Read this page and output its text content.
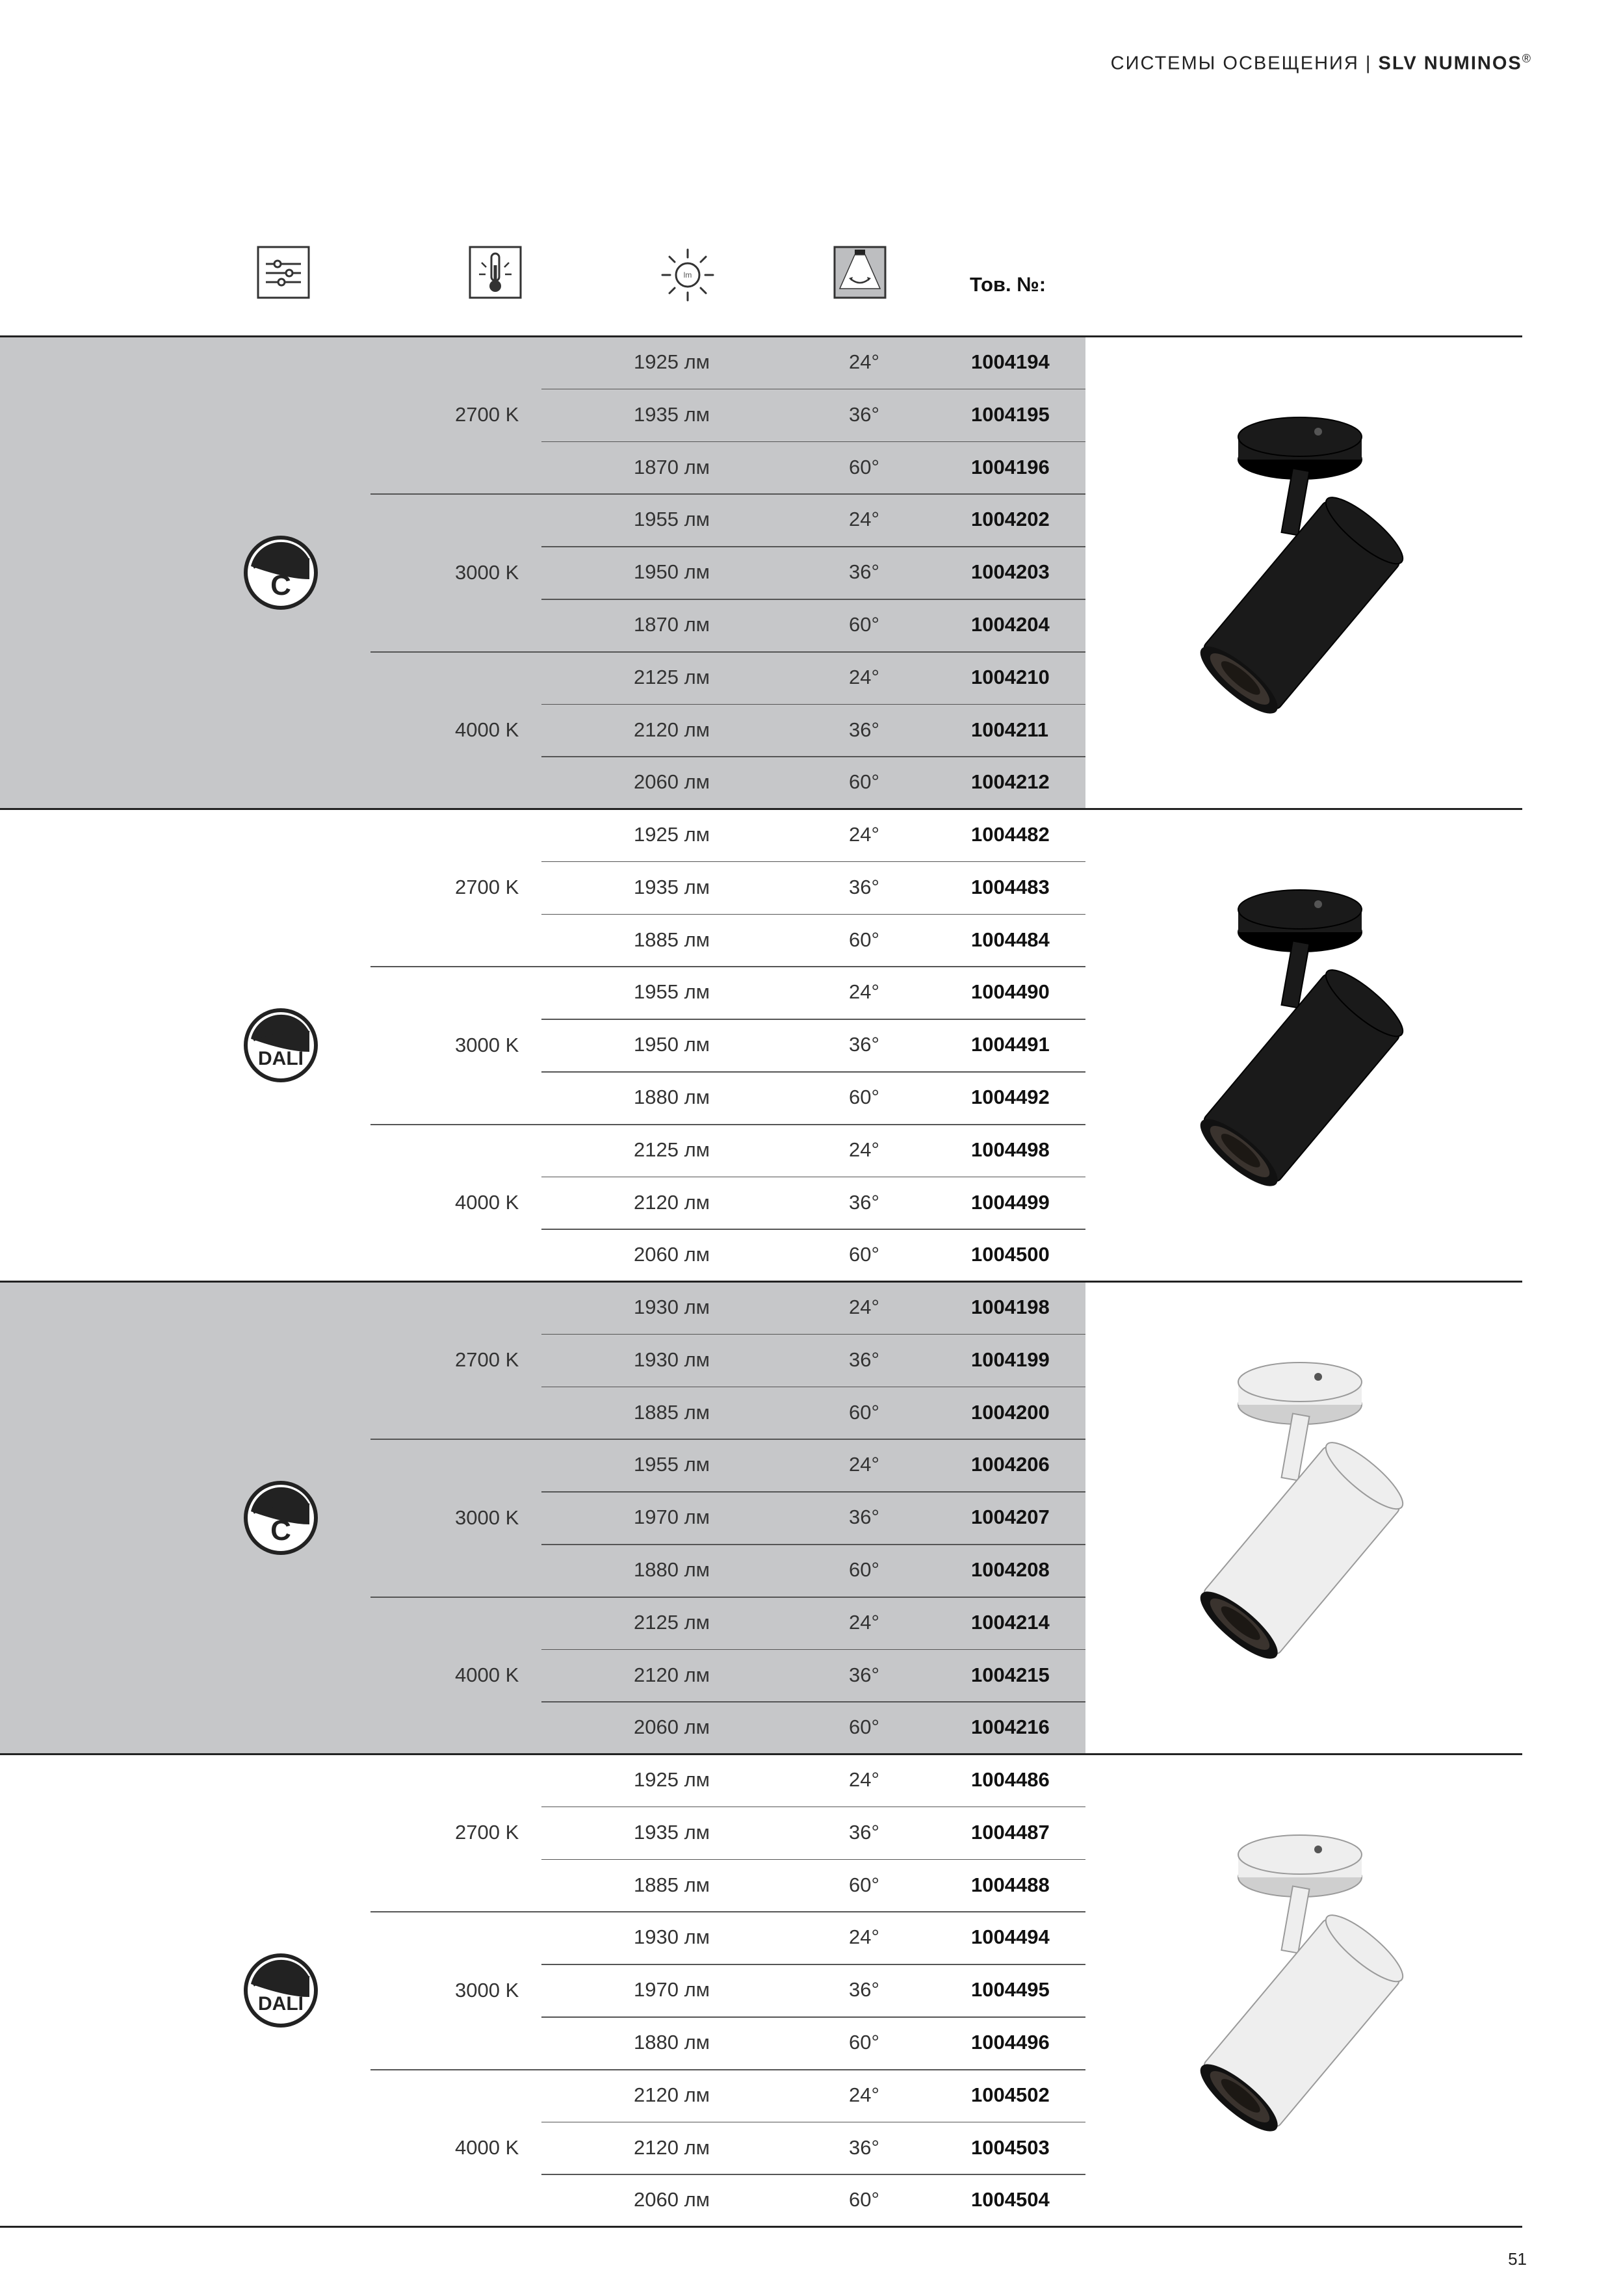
СИСТЕМЫ ОСВЕЩЕНИЯ | SLV NUMINOS®
lm	Тов. №:
C
2700 K
1925 лм	24°	1004194
1935 лм	36°	1004195
1870 лм	60°	1004196
3000 K
1955 лм	24°	1004202
1950 лм	36°	1004203
1870 лм	60°	1004204
4000 K
2125 лм	24°	1004210
2120 лм	36°	1004211
2060 лм	60°	1004212
DALI
2700 K
1925 лм	24°	1004482
1935 лм	36°	1004483
1885 лм	60°	1004484
3000 K
1955 лм	24°	1004490
1950 лм	36°	1004491
1880 лм	60°	1004492
4000 K
2125 лм	24°	1004498
2120 лм	36°	1004499
2060 лм	60°	1004500
C
2700 K
1930 лм	24°	1004198
1930 лм	36°	1004199
1885 лм	60°	1004200
3000 K
1955 лм	24°	1004206
1970 лм	36°	1004207
1880 лм	60°	1004208
4000 K
2125 лм	24°	1004214
2120 лм	36°	1004215
2060 лм	60°	1004216
DALI
2700 K
1925 лм	24°	1004486
1935 лм	36°	1004487
1885 лм	60°	1004488
3000 K
1930 лм	24°	1004494
1970 лм	36°	1004495
1880 лм	60°	1004496
4000 K
2120 лм	24°	1004502
2120 лм	36°	1004503
2060 лм	60°	1004504
51
